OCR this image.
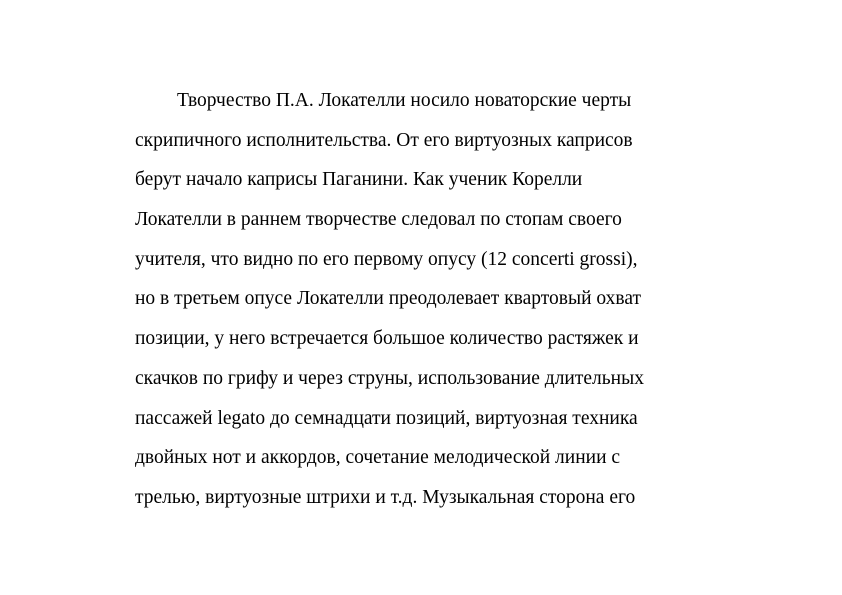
Творчество П.А. Локателли носило новаторские черты
скрипичного исполнительства. От его виртуозных каприсов
берут начало каприсы Паганини. Как ученик Корелли
Локателли в раннем творчестве следовал по стопам своего
учителя, что видно по его первому опусу (12 concerti grossi),
но в третьем опусе Локателли преодолевает квартовый охват
позиции, у него встречается большое количество растяжек и
скачков по грифу и через струны, использование длительных
пассажей legato до семнадцати позиций, виртуозная техника
двойных нот и аккордов, сочетание мелодической линии с
трелью, виртуозные штрихи и т.д. Музыкальная сторона его
